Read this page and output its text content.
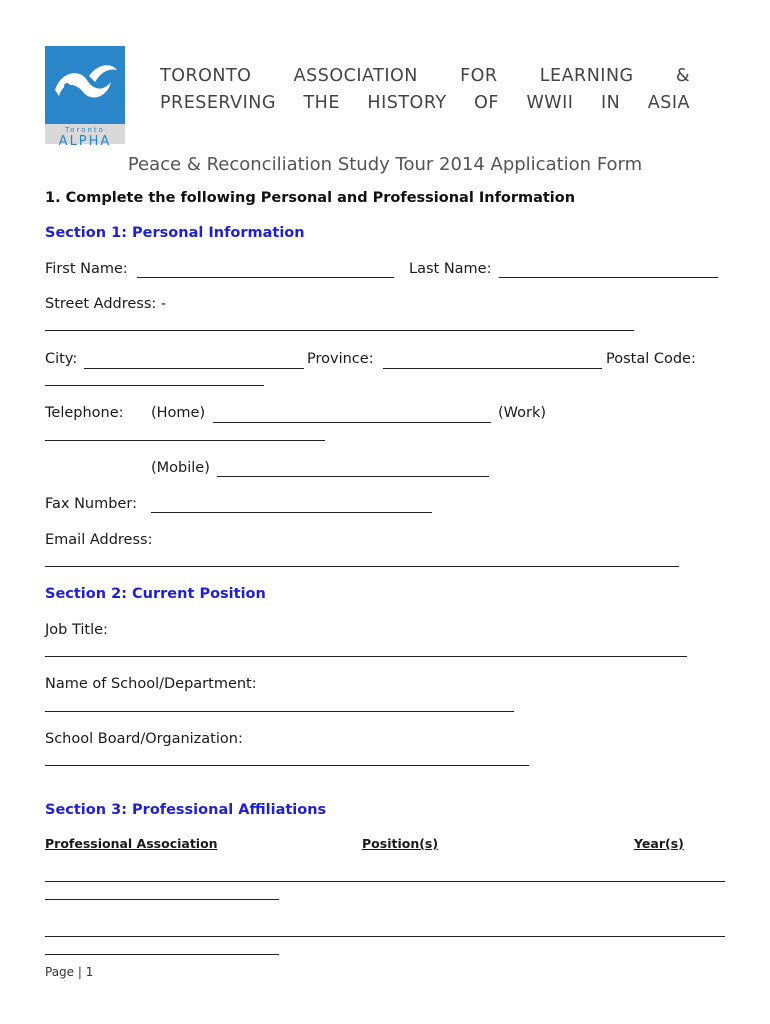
Toronto
ALPHA
TORONTO ASSOCIATION FOR LEARNING &
PRESERVING THE HISTORY OF WWII IN ASIA
Peace & Reconciliation Study Tour 2014 Application Form
1. Complete the following Personal and Professional Information
Section 1: Personal Information
First Name:	Last Name:
Street Address: -
City:	Province:	Postal Code:
Telephone: (Home)	(Work)
(Mobile)
Fax Number:
Email Address:
Section 2: Current Position
Job Title:
Name of School/Department:
School Board/Organization:
Section 3: Professional Affiliations
Professional Association	Position(s)	Year(s)
Page | 1
